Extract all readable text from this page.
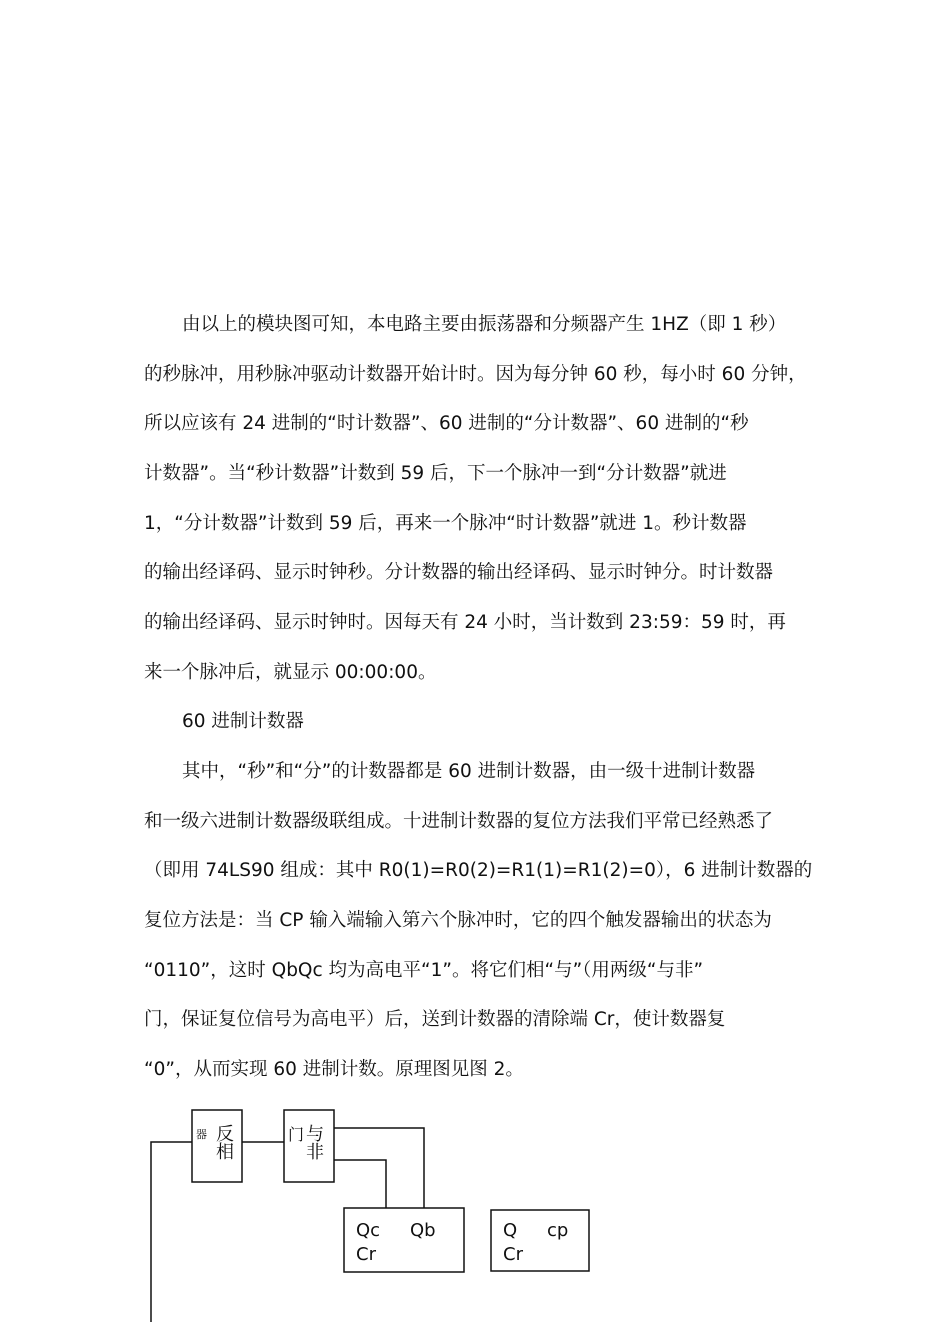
由以上的模块图可知，本电路主要由振荡器和分频器产生 1HZ（即 1 秒）
的秒脉冲，用秒脉冲驱动计数器开始计时。因为每分钟 60 秒，每小时 60 分钟，
所以应该有 24 进制的“时计数器”、60 进制的“分计数器”、60 进制的“秒
计数器”。当“秒计数器”计数到 59 后，下一个脉冲一到“分计数器”就进
1，“分计数器”计数到 59 后，再来一个脉冲“时计数器”就进 1。秒计数器
的输出经译码、显示时钟秒。分计数器的输出经译码、显示时钟分。时计数器
的输出经译码、显示时钟时。因每天有 24 小时，当计数到 23:59：59 时，再
来一个脉冲后，就显示 00:00:00。
60 进制计数器
其中，“秒”和“分”的计数器都是 60 进制计数器，由一级十进制计数器
和一级六进制计数器级联组成。十进制计数器的复位方法我们平常已经熟悉了
（即用 74LS90 组成：其中 R0(1)=R0(2)=R1(1)=R1(2)=0），6 进制计数器的
复位方法是：当 CP 输入端输入第六个脉冲时，它的四个触发器输出的状态为
“0110”，这时 QbQc 均为高电平“1”。将它们相“与”（用两级“与非”
门，保证复位信号为高电平）后，送到计数器的清除端 Cr，使计数器复
“0”，从而实现 60 进制计数。原理图见图 2。
反
相
器	与
非
门
Qc Qb
Cr
Q cp
Cr
